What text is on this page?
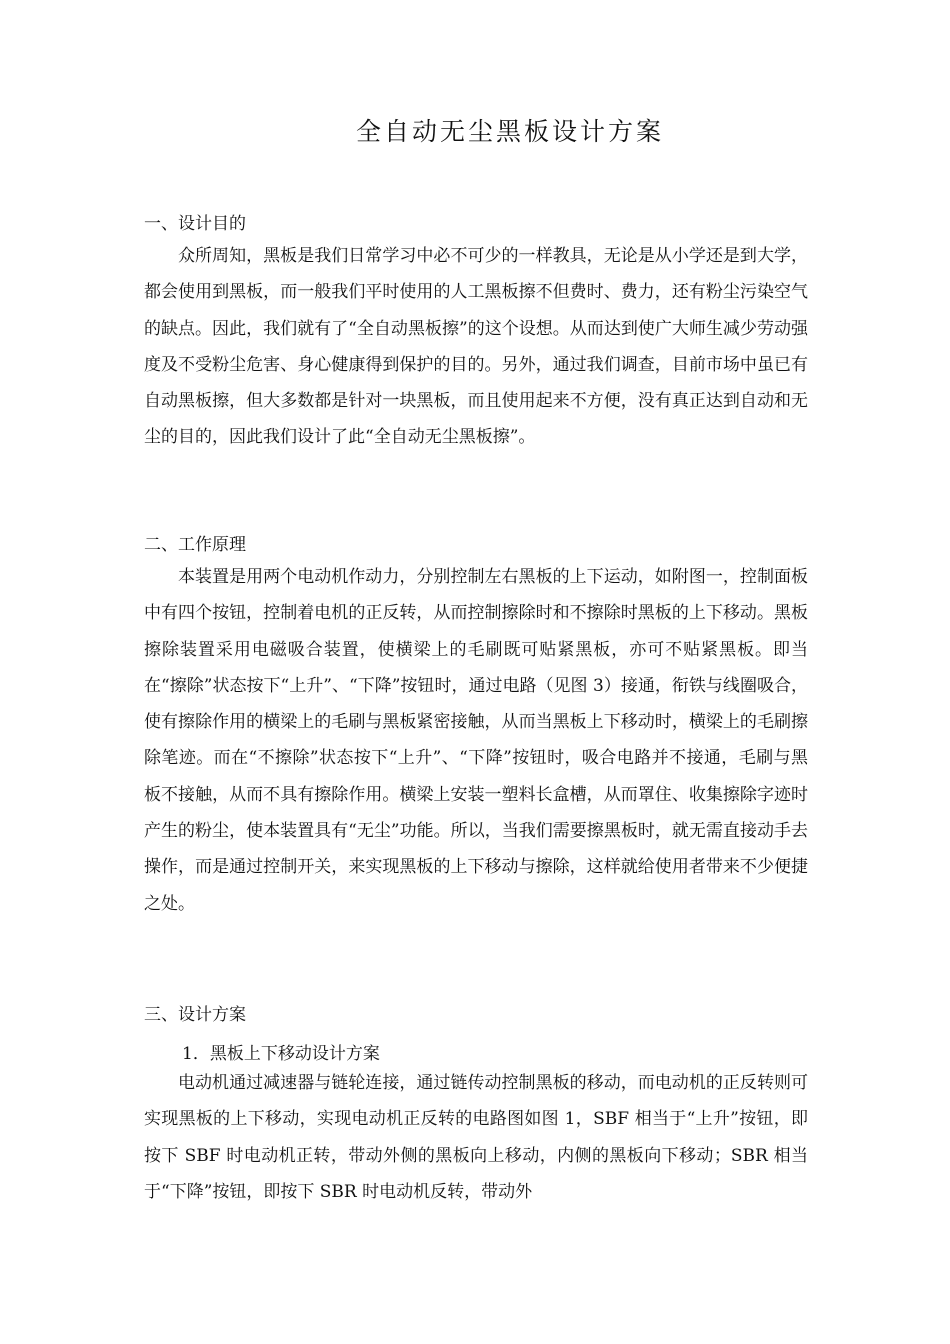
全自动无尘黑板设计方案
一、设计目的

众所周知，黑板是我们日常学习中必不可少的一样教具，无论是从小学还是到大学，都会使用到黑板，而一般我们平时使用的人工黑板擦不但费时、费力，还有粉尘污染空气的缺点。因此，我们就有了“全自动黑板擦”的这个设想。从而达到使广大师生减少劳动强度及不受粉尘危害、身心健康得到保护的目的。另外，通过我们调查，目前市场中虽已有自动黑板擦，但大多数都是针对一块黑板，而且使用起来不方便，没有真正达到自动和无尘的目的，因此我们设计了此“全自动无尘黑板擦”。

二、工作原理

本装置是用两个电动机作动力，分别控制左右黑板的上下运动，如附图一，控制面板中有四个按钮，控制着电机的正反转，从而控制擦除时和不擦除时黑板的上下移动。黑板擦除装置采用电磁吸合装置，使横梁上的毛刷既可贴紧黑板，亦可不贴紧黑板。即当在“擦除”状态按下“上升”、“下降”按钮时，通过电路（见图 3）接通，衔铁与线圈吸合，使有擦除作用的横梁上的毛刷与黑板紧密接触，从而当黑板上下移动时，横梁上的毛刷擦除笔迹。而在“不擦除”状态按下“上升”、“下降”按钮时，吸合电路并不接通，毛刷与黑板不接触，从而不具有擦除作用。横梁上安装一塑料长盒槽，从而罩住、收集擦除字迹时产生的粉尘，使本装置具有“无尘”功能。所以，当我们需要擦黑板时，就无需直接动手去操作，而是通过控制开关，来实现黑板的上下移动与擦除，这样就给使用者带来不少便捷之处。

三、设计方案
1．黑板上下移动设计方案

电动机通过减速器与链轮连接，通过链传动控制黑板的移动，而电动机的正反转则可实现黑板的上下移动，实现电动机正反转的电路图如图 1，SBF 相当于“上升”按钮，即按下 SBF 时电动机正转，带动外侧的黑板向上移动，内侧的黑板向下移动；SBR 相当于“下降”按钮，即按下 SBR 时电动机反转，带动外
